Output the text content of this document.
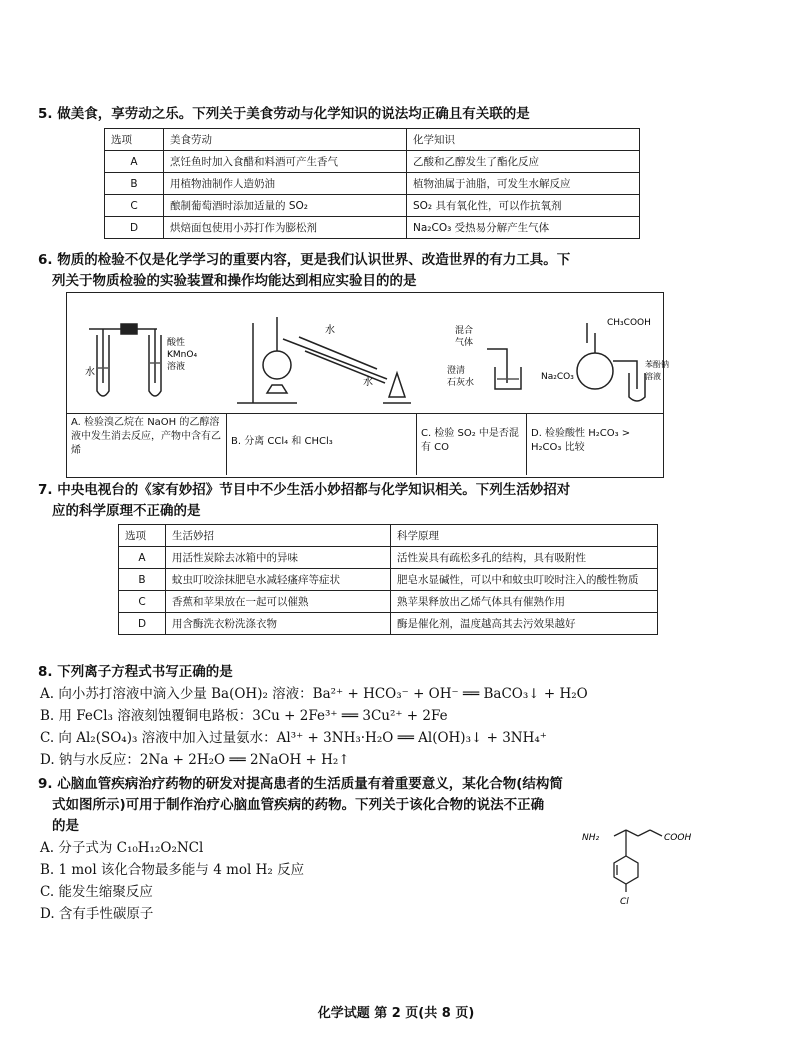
5. 做美食，享劳动之乐。下列关于美食劳动与化学知识的说法均正确且有关联的是
选项	美食劳动	化学知识
A	烹饪鱼时加入食醋和料酒可产生香气	乙酸和乙醇发生了酯化反应
B	用植物油制作人造奶油	植物油属于油脂，可发生水解反应
C	酿制葡萄酒时添加适量的 SO₂	SO₂ 具有氧化性，可以作抗氧剂
D	烘焙面包使用小苏打作为膨松剂	Na₂CO₃ 受热易分解产生气体
6. 物质的检验不仅是化学学习的重要内容，更是我们认识世界、改造世界的有力工具。下
列关于物质检验的实验装置和操作均能达到相应实验目的的是
水
酸性
KMnO₄
溶液
水
水
混合
气体
澄清
石灰水
CH₃COOH
Na₂CO₃
苯酚钠
溶液
A. 检验溴乙烷在 NaOH 的乙醇溶液中发生消去反应，产物中含有乙烯
B. 分离 CCl₄ 和 CHCl₃
C. 检验 SO₂ 中是否混有 CO
D. 检验酸性 H₂CO₃ > H₂CO₃ 比较
7. 中央电视台的《家有妙招》节目中不少生活小妙招都与化学知识相关。下列生活妙招对
应的科学原理不正确的是
选项	生活妙招	科学原理
A	用活性炭除去冰箱中的异味	活性炭具有疏松多孔的结构，具有吸附性
B	蚊虫叮咬涂抹肥皂水减轻瘙痒等症状	肥皂水显碱性，可以中和蚊虫叮咬时注入的酸性物质
C	香蕉和苹果放在一起可以催熟	熟苹果释放出乙烯气体具有催熟作用
D	用含酶洗衣粉洗涤衣物	酶是催化剂，温度越高其去污效果越好
8. 下列离子方程式书写正确的是
A. 向小苏打溶液中滴入少量 Ba(OH)₂ 溶液：Ba²⁺ + HCO₃⁻ + OH⁻ ══ BaCO₃↓ + H₂O
B. 用 FeCl₃ 溶液刻蚀覆铜电路板：3Cu + 2Fe³⁺ ══ 3Cu²⁺ + 2Fe
C. 向 Al₂(SO₄)₃ 溶液中加入过量氨水：Al³⁺ + 3NH₃·H₂O ══ Al(OH)₃↓ + 3NH₄⁺
D. 钠与水反应：2Na + 2H₂O ══ 2NaOH + H₂↑
9. 心脑血管疾病治疗药物的研发对提高患者的生活质量有着重要意义，某化合物(结构简
式如图所示)可用于制作治疗心脑血管疾病的药物。下列关于该化合物的说法不正确
的是
A. 分子式为 C₁₀H₁₂O₂NCl
B. 1 mol 该化合物最多能与 4 mol H₂ 反应
C. 能发生缩聚反应
D. 含有手性碳原子
NH₂	COOH
Cl
化学试题 第 2 页(共 8 页)
